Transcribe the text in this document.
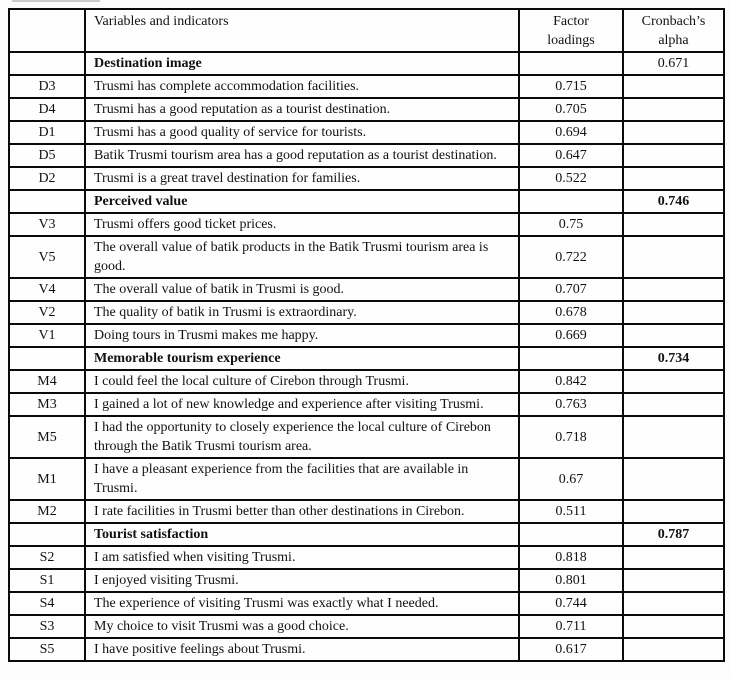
	Variables and indicators	Factor loadings	Cronbach’s alpha
	Destination image		0.671
D3	Trusmi has complete accommodation facilities.	0.715	
D4	Trusmi has a good reputation as a tourist destination.	0.705	
D1	Trusmi has a good quality of service for tourists.	0.694	
D5	Batik Trusmi tourism area has a good reputation as a tourist destination.	0.647	
D2	Trusmi is a great travel destination for families.	0.522	
	Perceived value		0.746
V3	Trusmi offers good ticket prices.	0.75	
V5	The overall value of batik products in the Batik Trusmi tourism area is good.	0.722	
V4	The overall value of batik in Trusmi is good.	0.707	
V2	The quality of batik in Trusmi is extraordinary.	0.678	
V1	Doing tours in Trusmi makes me happy.	0.669	
	Memorable tourism experience		0.734
M4	I could feel the local culture of Cirebon through Trusmi.	0.842	
M3	I gained a lot of new knowledge and experience after visiting Trusmi.	0.763	
M5	I had the opportunity to closely experience the local culture of Cirebon through the Batik Trusmi tourism area.	0.718	
M1	I have a pleasant experience from the facilities that are available in Trusmi.	0.67	
M2	I rate facilities in Trusmi better than other destinations in Cirebon.	0.511	
	Tourist satisfaction		0.787
S2	I am satisfied when visiting Trusmi.	0.818	
S1	I enjoyed visiting Trusmi.	0.801	
S4	The experience of visiting Trusmi was exactly what I needed.	0.744	
S3	My choice to visit Trusmi was a good choice.	0.711	
S5	I have positive feelings about Trusmi.	0.617	
